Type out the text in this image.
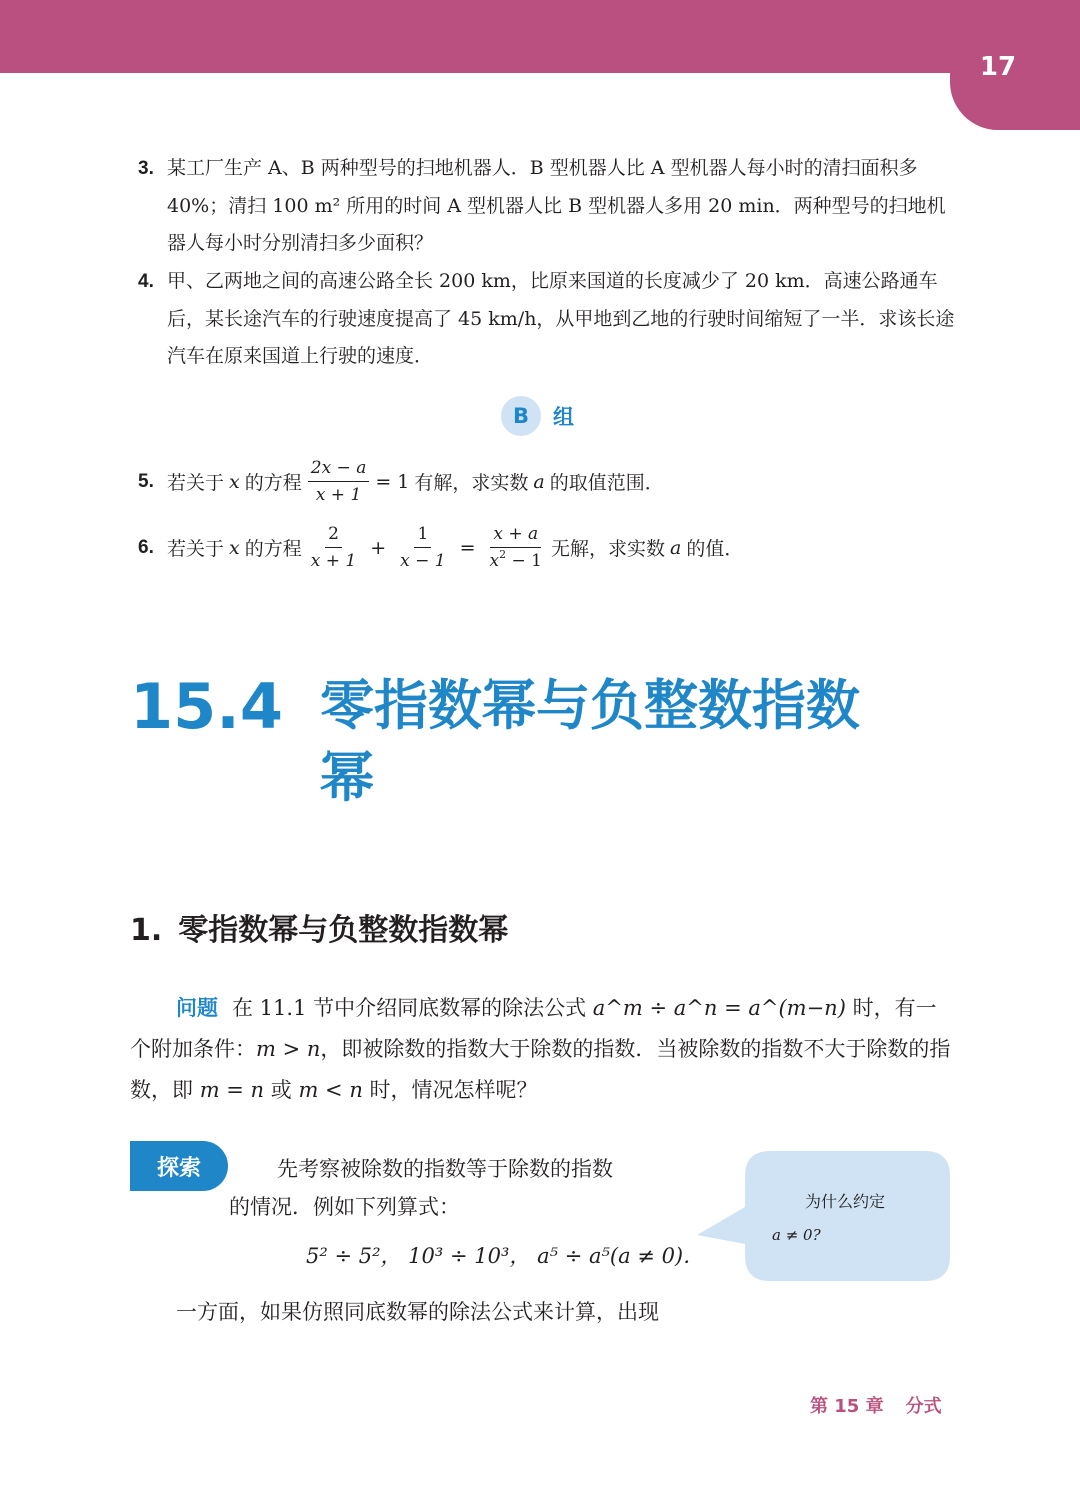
17
3. 某工厂生产 A、B 两种型号的扫地机器人．B 型机器人比 A 型机器人每小时的清扫面积多 40%；清扫 100 m² 所用的时间 A 型机器人比 B 型机器人多用 20 min．两种型号的扫地机器人每小时分别清扫多少面积？
4. 甲、乙两地之间的高速公路全长 200 km，比原来国道的长度减少了 20 km．高速公路通车后，某长途汽车的行驶速度提高了 45 km/h，从甲地到乙地的行驶时间缩短了一半．求该长途汽车在原来国道上行驶的速度．
B	组
5. 若关于 x 的方程 $\frac{2x - a}{x + 1} = 1$ 有解，求实数 a 的取值范围．
6. 若关于 x 的方程 $\frac{2}{x + 1} + \frac{1}{x - 1} = \frac{x + a}{x^2 - 1}$ 无解，求实数 a 的值．
15.4 零指数幂与负整数指数幂
1. 零指数幂与负整数指数幂
问题 在 11.1 节中介绍同底数幂的除法公式 a^m ÷ a^n = a^(m−n) 时，有一个附加条件：m > n，即被除数的指数大于除数的指数．当被除数的指数不大于除数的指数，即 m = n 或 m < n 时，情况怎样呢？
探索	先考察被除数的指数等于除数的指数
的情况．例如下列算式：
5² ÷ 5²， 10³ ÷ 10³， a⁵ ÷ a⁵(a ≠ 0)．
一方面，如果仿照同底数幂的除法公式来计算，出现
为什么约定
a ≠ 0?
第 15 章 分式
